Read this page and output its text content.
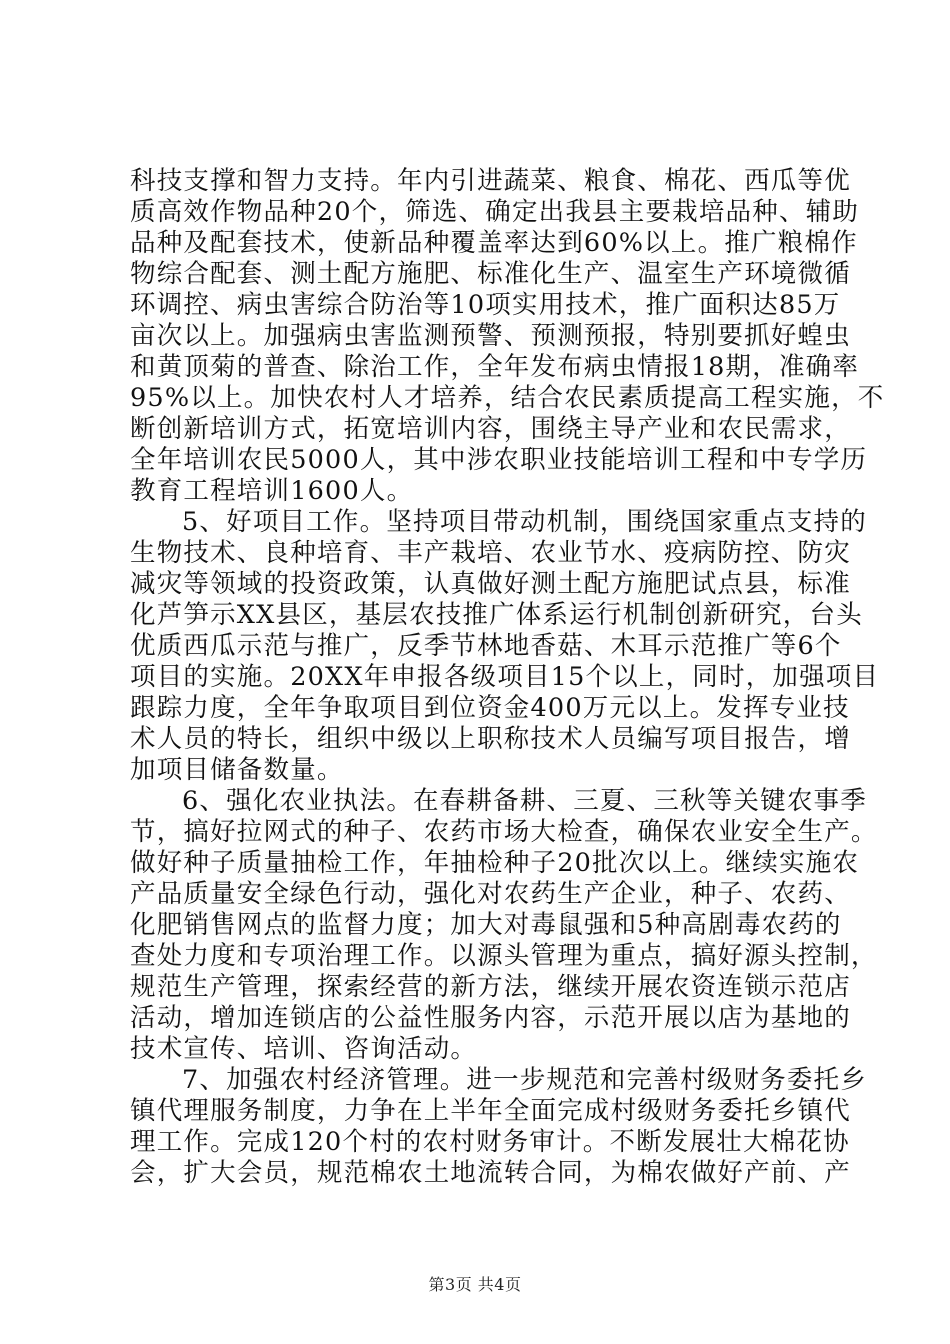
科技支撑和智力支持。年内引进蔬菜、粮食、棉花、西瓜等优
质高效作物品种20个，筛选、确定出我县主要栽培品种、辅助
品种及配套技术，使新品种覆盖率达到60%以上。推广粮棉作
物综合配套、测土配方施肥、标准化生产、温室生产环境微循
环调控、病虫害综合防治等10项实用技术，推广面积达85万
亩次以上。加强病虫害监测预警、预测预报，特别要抓好蝗虫
和黄顶菊的普查、除治工作，全年发布病虫情报18期，准确率
95%以上。加快农村人才培养，结合农民素质提高工程实施，不
断创新培训方式，拓宽培训内容，围绕主导产业和农民需求，
全年培训农民5000人，其中涉农职业技能培训工程和中专学历
教育工程培训1600人。
5、好项目工作。坚持项目带动机制，围绕国家重点支持的
生物技术、良种培育、丰产栽培、农业节水、疫病防控、防灾
减灾等领域的投资政策，认真做好测土配方施肥试点县，标准
化芦笋示XX县区，基层农技推广体系运行机制创新研究，台头
优质西瓜示范与推广，反季节林地香菇、木耳示范推广等6个
项目的实施。20XX年申报各级项目15个以上，同时，加强项目
跟踪力度，全年争取项目到位资金400万元以上。发挥专业技
术人员的特长，组织中级以上职称技术人员编写项目报告，增
加项目储备数量。
6、强化农业执法。在春耕备耕、三夏、三秋等关键农事季
节，搞好拉网式的种子、农药市场大检查，确保农业安全生产。
做好种子质量抽检工作，年抽检种子20批次以上。继续实施农
产品质量安全绿色行动，强化对农药生产企业，种子、农药、
化肥销售网点的监督力度；加大对毒鼠强和5种高剧毒农药的
查处力度和专项治理工作。以源头管理为重点，搞好源头控制，
规范生产管理，探索经营的新方法，继续开展农资连锁示范店
活动，增加连锁店的公益性服务内容，示范开展以店为基地的
技术宣传、培训、咨询活动。
7、加强农村经济管理。进一步规范和完善村级财务委托乡
镇代理服务制度，力争在上半年全面完成村级财务委托乡镇代
理工作。完成120个村的农村财务审计。不断发展壮大棉花协
会，扩大会员，规范棉农土地流转合同，为棉农做好产前、产
第3页 共4页
